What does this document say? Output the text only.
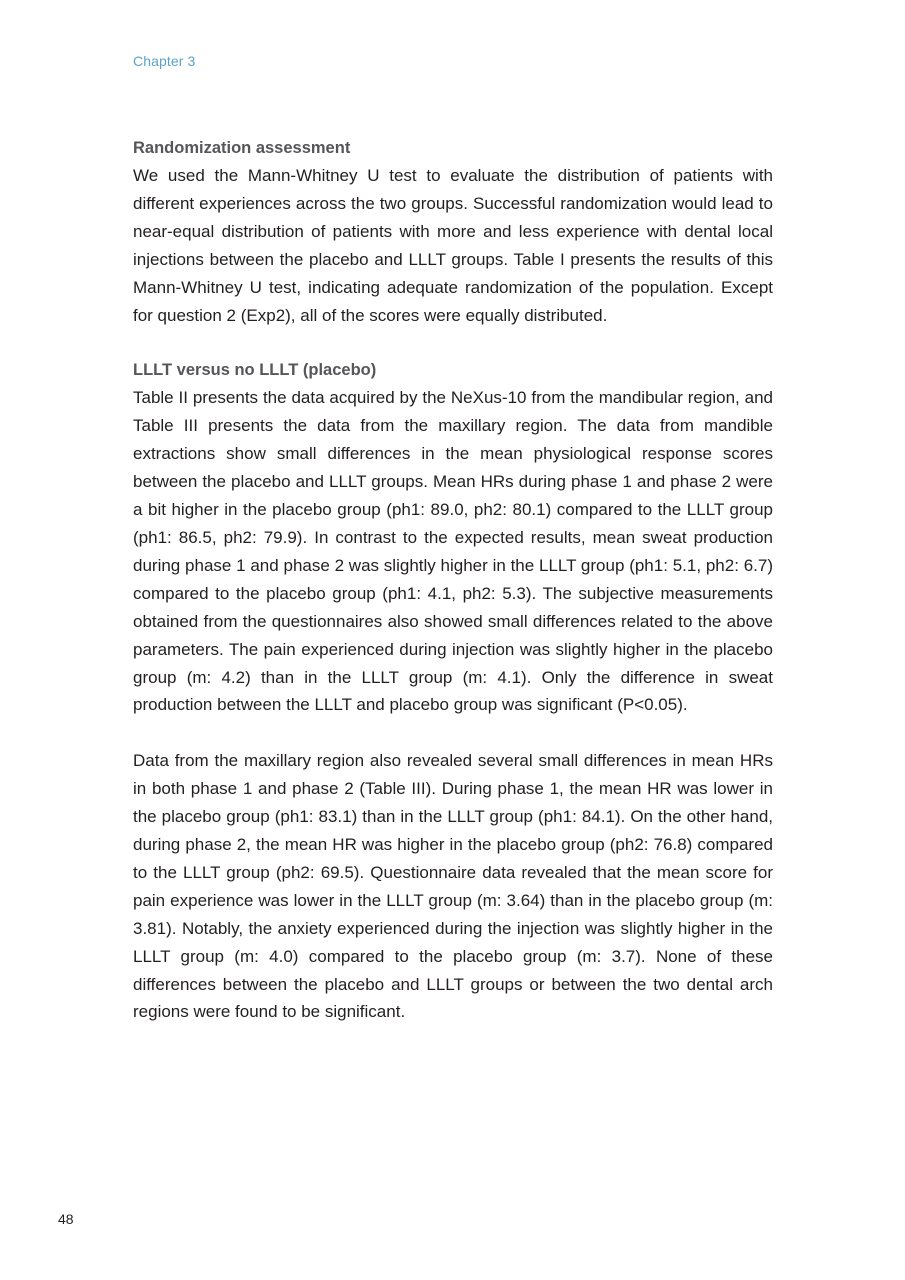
Chapter 3
Randomization assessment

We used the Mann-Whitney U test to evaluate the distribution of patients with different experiences across the two groups. Successful randomization would lead to near-equal distribution of patients with more and less experience with dental local injections between the placebo and LLLT groups. Table I presents the results of this Mann-Whitney U test, indicating adequate randomization of the population. Except for question 2 (Exp2), all of the scores were equally distributed.

LLLT versus no LLLT (placebo)

Table II presents the data acquired by the NeXus-10 from the mandibular region, and Table III presents the data from the maxillary region. The data from mandible extractions show small differences in the mean physiological response scores between the placebo and LLLT groups. Mean HRs during phase 1 and phase 2 were a bit higher in the placebo group (ph1: 89.0, ph2: 80.1) compared to the LLLT group (ph1: 86.5, ph2: 79.9). In contrast to the expected results, mean sweat production during phase 1 and phase 2 was slightly higher in the LLLT group (ph1: 5.1, ph2: 6.7) compared to the placebo group (ph1: 4.1, ph2: 5.3). The subjective measurements obtained from the questionnaires also showed small differences related to the above parameters. The pain experienced during injection was slightly higher in the placebo group (m: 4.2) than in the LLLT group (m: 4.1). Only the difference in sweat production between the LLLT and placebo group was significant (P<0.05).

Data from the maxillary region also revealed several small differences in mean HRs in both phase 1 and phase 2 (Table III). During phase 1, the mean HR was lower in the placebo group (ph1: 83.1) than in the LLLT group (ph1: 84.1). On the other hand, during phase 2, the mean HR was higher in the placebo group (ph2: 76.8) compared to the LLLT group (ph2: 69.5). Questionnaire data revealed that the mean score for pain experience was lower in the LLLT group (m: 3.64) than in the placebo group (m: 3.81). Notably, the anxiety experienced during the injection was slightly higher in the LLLT group (m: 4.0) compared to the placebo group (m: 3.7). None of these differences between the placebo and LLLT groups or between the two dental arch regions were found to be significant.

48
